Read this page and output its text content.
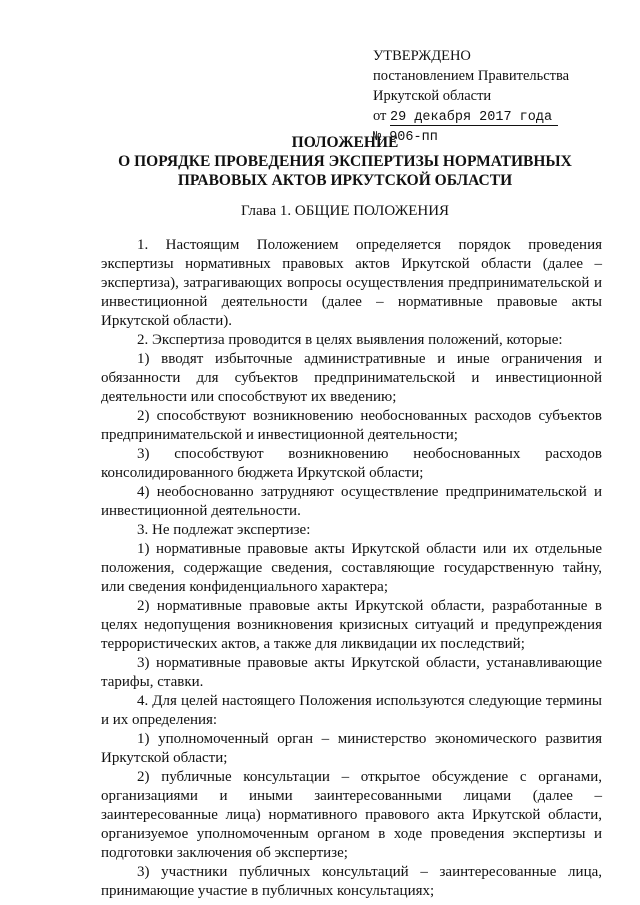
УТВЕРЖДЕНО
постановлением Правительства
Иркутской области
от 29 декабря 2017 года
№ 906-пп
ПОЛОЖЕНИЕ
О ПОРЯДКЕ ПРОВЕДЕНИЯ ЭКСПЕРТИЗЫ НОРМАТИВНЫХ
ПРАВОВЫХ АКТОВ ИРКУТСКОЙ ОБЛАСТИ
Глава 1. ОБЩИЕ ПОЛОЖЕНИЯ

1. Настоящим Положением определяется порядок проведения экспертизы нормативных правовых актов Иркутской области (далее – экспертиза), затрагивающих вопросы осуществления предпринимательской и инвестиционной деятельности (далее – нормативные правовые акты Иркутской области).

2. Экспертиза проводится в целях выявления положений, которые:

1) вводят избыточные административные и иные ограничения и обязанности для субъектов предпринимательской и инвестиционной деятельности или способствуют их введению;

2) способствуют возникновению необоснованных расходов субъектов предпринимательской и инвестиционной деятельности;

3) способствуют возникновению необоснованных расходов консолидированного бюджета Иркутской области;

4) необоснованно затрудняют осуществление предпринимательской и инвестиционной деятельности.

3. Не подлежат экспертизе:

1) нормативные правовые акты Иркутской области или их отдельные положения, содержащие сведения, составляющие государственную тайну, или сведения конфиденциального характера;

2) нормативные правовые акты Иркутской области, разработанные в целях недопущения возникновения кризисных ситуаций и предупреждения террористических актов, а также для ликвидации их последствий;

3) нормативные правовые акты Иркутской области, устанавливающие тарифы, ставки.

4. Для целей настоящего Положения используются следующие термины и их определения:

1) уполномоченный орган – министерство экономического развития Иркутской области;

2) публичные консультации – открытое обсуждение с органами, организациями и иными заинтересованными лицами (далее – заинтересованные лица) нормативного правового акта Иркутской области, организуемое уполномоченным органом в ходе проведения экспертизы и подготовки заключения об экспертизе;

3) участники публичных консультаций – заинтересованные лица, принимающие участие в публичных консультациях;
